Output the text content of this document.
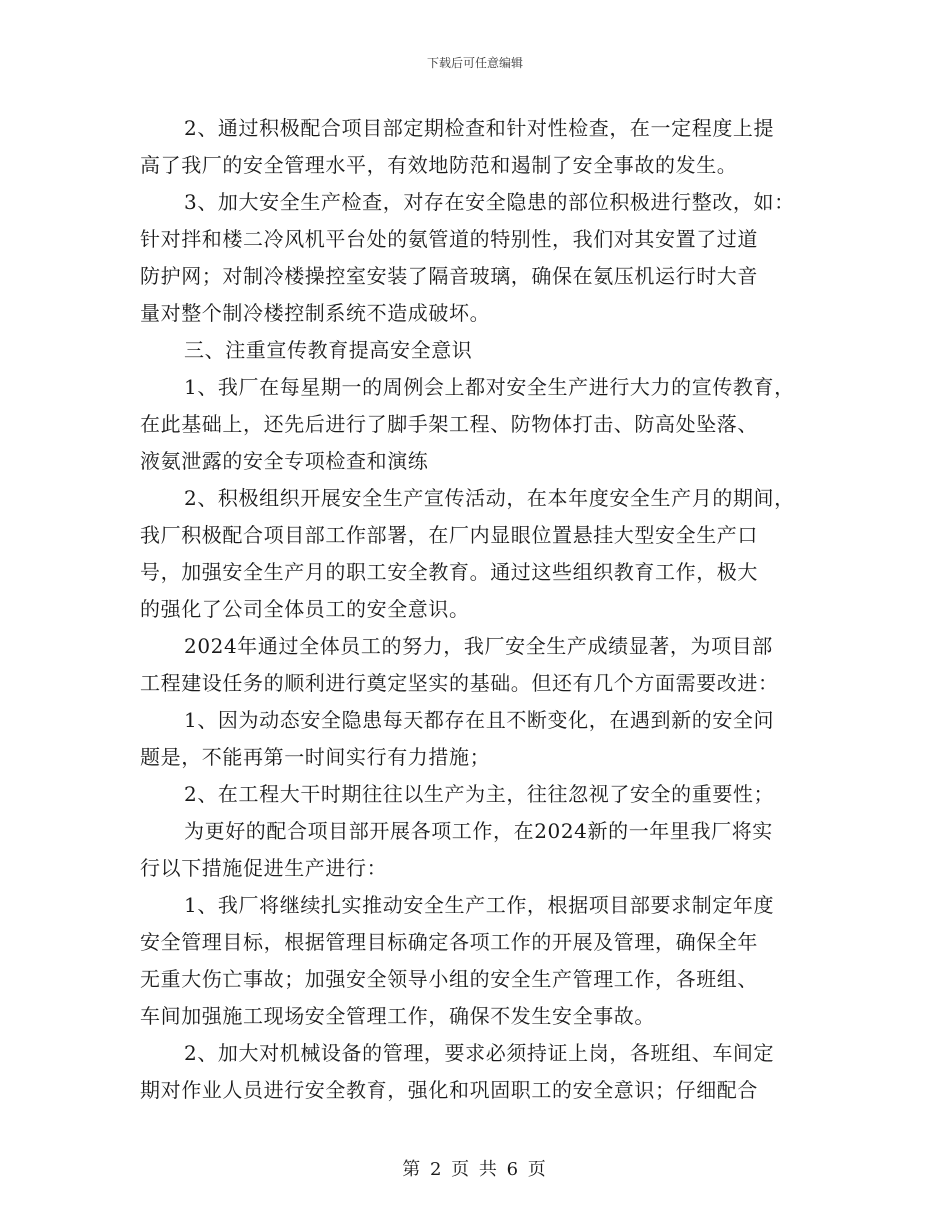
下载后可任意编辑
2、通过积极配合项目部定期检查和针对性检查，在一定程度上提
高了我厂的安全管理水平，有效地防范和遏制了安全事故的发生。
3、加大安全生产检查，对存在安全隐患的部位积极进行整改，如：
针对拌和楼二冷风机平台处的氨管道的特别性，我们对其安置了过道
防护网；对制冷楼操控室安装了隔音玻璃，确保在氨压机运行时大音
量对整个制冷楼控制系统不造成破坏。
三、注重宣传教育提高安全意识
1、我厂在每星期一的周例会上都对安全生产进行大力的宣传教育，
在此基础上，还先后进行了脚手架工程、防物体打击、防高处坠落、
液氨泄露的安全专项检查和演练
2、积极组织开展安全生产宣传活动，在本年度安全生产月的期间，
我厂积极配合项目部工作部署，在厂内显眼位置悬挂大型安全生产口
号，加强安全生产月的职工安全教育。通过这些组织教育工作，极大
的强化了公司全体员工的安全意识。
2024年通过全体员工的努力，我厂安全生产成绩显著，为项目部
工程建设任务的顺利进行奠定坚实的基础。但还有几个方面需要改进：
1、因为动态安全隐患每天都存在且不断变化，在遇到新的安全问
题是，不能再第一时间实行有力措施；
2、在工程大干时期往往以生产为主，往往忽视了安全的重要性；
为更好的配合项目部开展各项工作，在2024新的一年里我厂将实
行以下措施促进生产进行：
1、我厂将继续扎实推动安全生产工作，根据项目部要求制定年度
安全管理目标，根据管理目标确定各项工作的开展及管理，确保全年
无重大伤亡事故；加强安全领导小组的安全生产管理工作，各班组、
车间加强施工现场安全管理工作，确保不发生安全事故。
2、加大对机械设备的管理，要求必须持证上岗，各班组、车间定
期对作业人员进行安全教育，强化和巩固职工的安全意识；仔细配合
第 2 页 共 6 页
